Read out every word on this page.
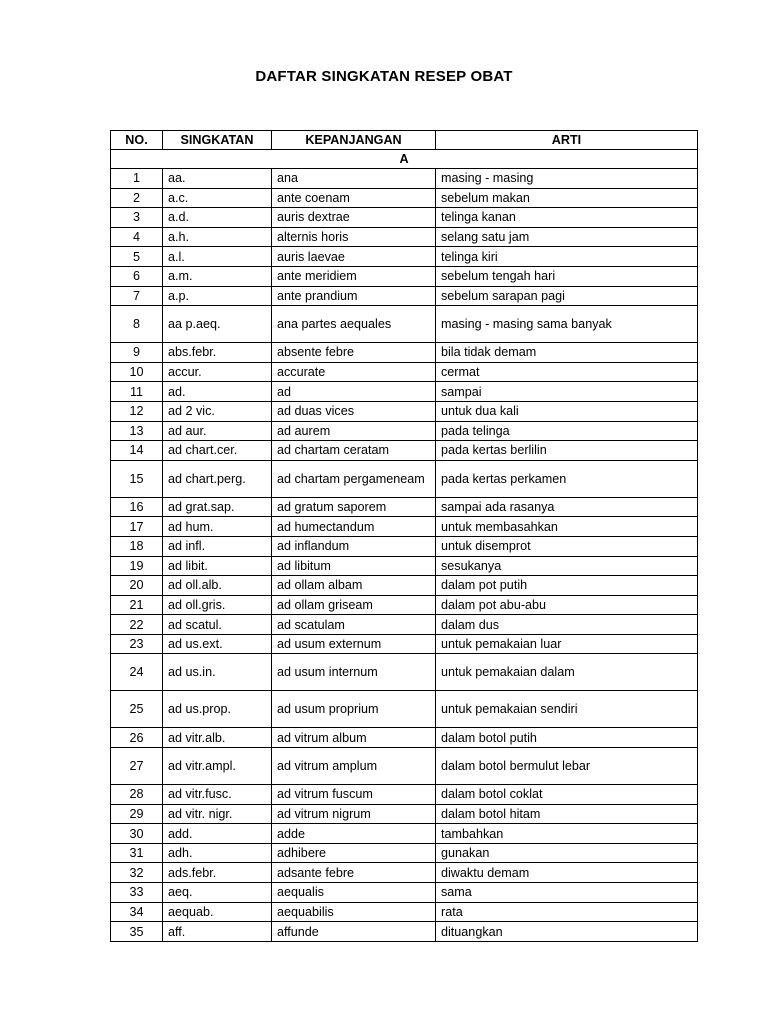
DAFTAR SINGKATAN RESEP OBAT
NO.	SINGKATAN	KEPANJANGAN	ARTI
A			
1	aa.	ana	masing - masing
2	a.c.	ante coenam	sebelum makan
3	a.d.	auris dextrae	telinga kanan
4	a.h.	alternis horis	selang satu jam
5	a.l.	auris laevae	telinga kiri
6	a.m.	ante meridiem	sebelum tengah hari
7	a.p.	ante prandium	sebelum sarapan pagi
8	aa p.aeq.	ana partes aequales	masing - masing sama banyak
9	abs.febr.	absente febre	bila tidak demam
10	accur.	accurate	cermat
11	ad.	ad	sampai
12	ad 2 vic.	ad duas vices	untuk dua kali
13	ad aur.	ad aurem	pada telinga
14	ad chart.cer.	ad chartam ceratam	pada kertas berlilin
15	ad chart.perg.	ad chartam pergameneam	pada kertas perkamen
16	ad grat.sap.	ad gratum saporem	sampai ada rasanya
17	ad hum.	ad humectandum	untuk membasahkan
18	ad infl.	ad inflandum	untuk disemprot
19	ad libit.	ad libitum	sesukanya
20	ad oll.alb.	ad ollam albam	dalam pot putih
21	ad oll.gris.	ad ollam griseam	dalam pot abu-abu
22	ad scatul.	ad scatulam	dalam dus
23	ad us.ext.	ad usum externum	untuk pemakaian luar
24	ad us.in.	ad usum internum	untuk pemakaian dalam
25	ad us.prop.	ad usum proprium	untuk pemakaian sendiri
26	ad vitr.alb.	ad vitrum album	dalam botol putih
27	ad vitr.ampl.	ad vitrum amplum	dalam botol bermulut lebar
28	ad vitr.fusc.	ad vitrum fuscum	dalam botol coklat
29	ad vitr. nigr.	ad vitrum nigrum	dalam botol hitam
30	add.	adde	tambahkan
31	adh.	adhibere	gunakan
32	ads.febr.	adsante febre	diwaktu demam
33	aeq.	aequalis	sama
34	aequab.	aequabilis	rata
35	aff.	affunde	dituangkan
